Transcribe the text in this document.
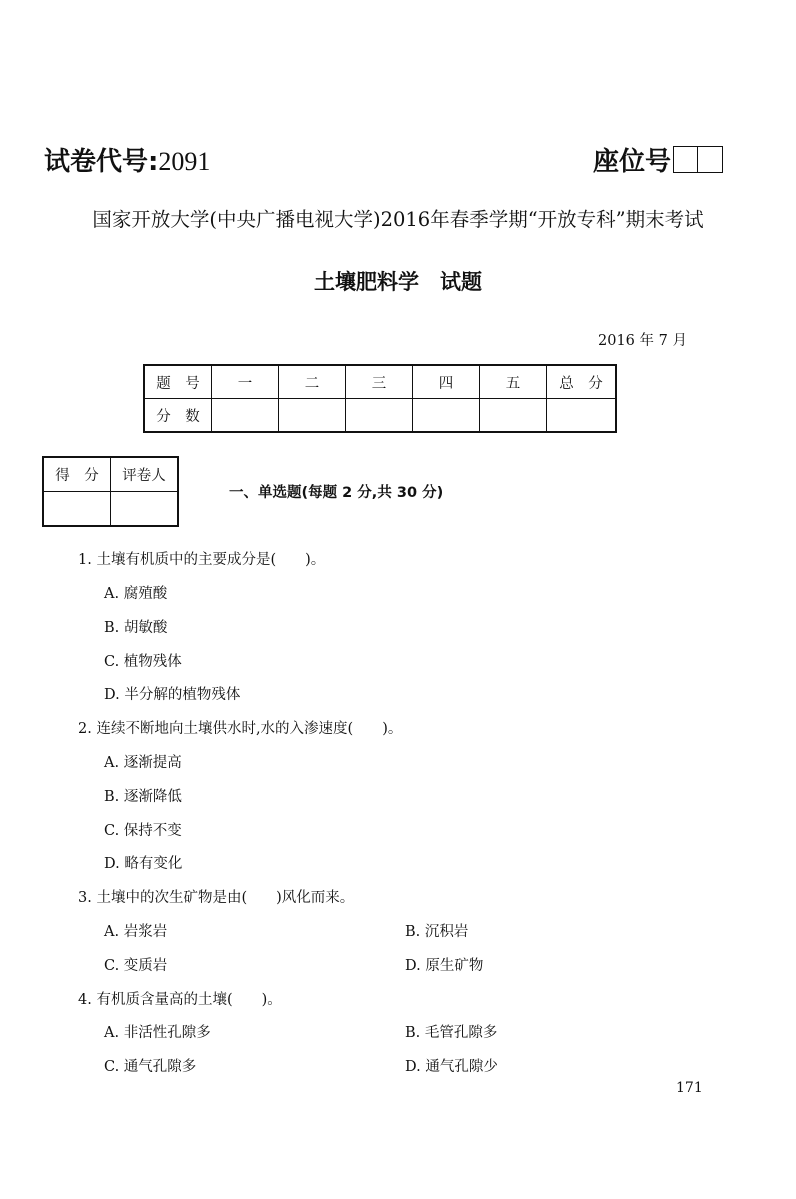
试卷代号:2091	座位号
国家开放大学(中央广播电视大学)2016年春季学期“开放专科”期末考试
土壤肥料学　试题
2016 年 7 月
题　号	一	二	三	四	五	总　分
分　数						
得　分	评卷人

一、单选题(每题 2 分,共 30 分)
1. 土壤有机质中的主要成分是(　　)。
A. 腐殖酸
B. 胡敏酸
C. 植物残体
D. 半分解的植物残体
2. 连续不断地向土壤供水时,水的入渗速度(　　)。
A. 逐渐提高
B. 逐渐降低
C. 保持不变
D. 略有变化
3. 土壤中的次生矿物是由(　　)风化而来。
A. 岩浆岩	B. 沉积岩
C. 变质岩	D. 原生矿物
4. 有机质含量高的土壤(　　)。
A. 非活性孔隙多	B. 毛管孔隙多
C. 通气孔隙多	D. 通气孔隙少
171
